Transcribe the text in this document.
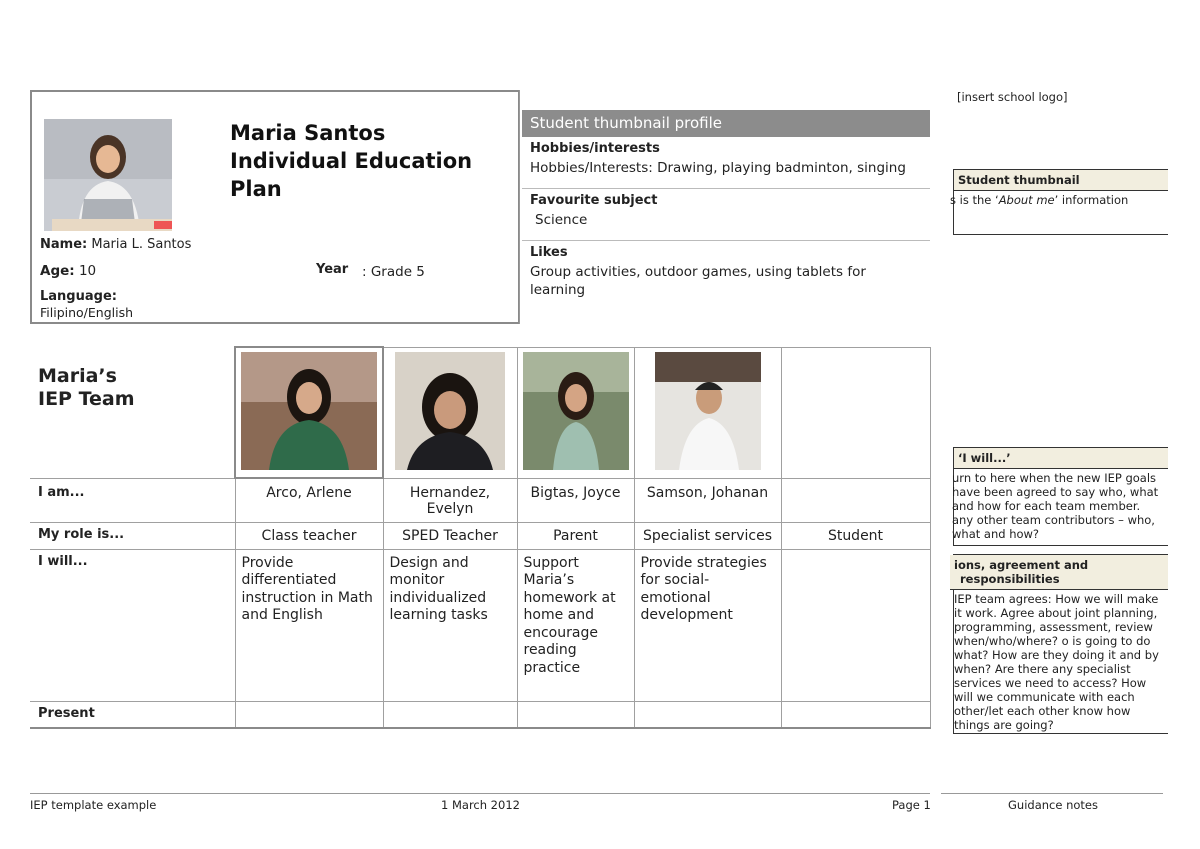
Maria Santos
Individual Education
Plan
Name: Maria L. Santos
Age: 10	Year : Grade 5
Language:
Filipino/English
Student thumbnail profile
Hobbies/interests
Hobbies/Interests: Drawing, playing badminton, singing
Favourite subject
Science
Likes
Group activities, outdoor games, using tablets for learning
Maria’s
IEP Team

I am...	Arco, Arlene	Hernandez, Evelyn	Bigtas, Joyce	Samson, Johanan	
My role is...	Class teacher	SPED Teacher	Parent	Specialist services	Student
I will...	Provide differentiated instruction in Math and English	Design and monitor individualized learning tasks	Support Maria’s homework at home and encourage reading practice	Provide strategies for social-emotional development	
Present					
[insert school logo]
Student thumbnail
s is the ‘About me’ information
‘I will...’
urn to here when the new IEP goals have been agreed to say who, what and how for each team member. any other team contributors – who, what and how?
ions, agreement and
responsibilities
IEP team agrees: How we will make it work. Agree about joint planning, programming, assessment, review when/who/where? o is going to do what? How are they doing it and by when? Are there any specialist services we need to access? How will we communicate with each other/let each other know how things are going?
IEP template example	1 March 2012	Page 1	Guidance notes
